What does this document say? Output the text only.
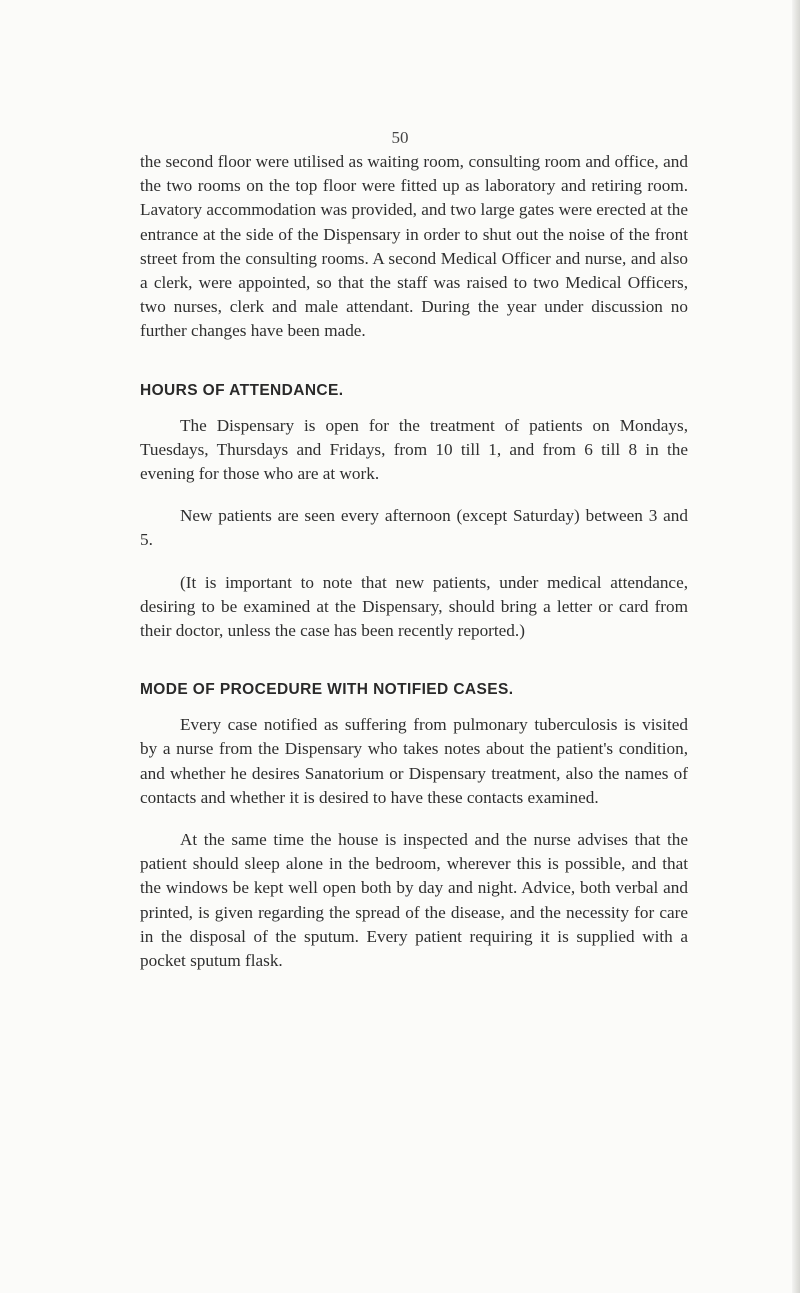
50

the second floor were utilised as waiting room, consulting room and office, and the two rooms on the top floor were fitted up as laboratory and retiring room. Lavatory accommodation was provided, and two large gates were erected at the entrance at the side of the Dispensary in order to shut out the noise of the front street from the consulting rooms. A second Medical Officer and nurse, and also a clerk, were appointed, so that the staff was raised to two Medical Officers, two nurses, clerk and male attendant. During the year under discussion no further changes have been made.

HOURS OF ATTENDANCE.

The Dispensary is open for the treatment of patients on Mondays, Tuesdays, Thursdays and Fridays, from 10 till 1, and from 6 till 8 in the evening for those who are at work.

New patients are seen every afternoon (except Saturday) between 3 and 5.

(It is important to note that new patients, under medical attendance, desiring to be examined at the Dispensary, should bring a letter or card from their doctor, unless the case has been recently reported.)

MODE OF PROCEDURE WITH NOTIFIED CASES.

Every case notified as suffering from pulmonary tuberculosis is visited by a nurse from the Dispensary who takes notes about the patient's condition, and whether he desires Sanatorium or Dispensary treatment, also the names of contacts and whether it is desired to have these contacts examined.

At the same time the house is inspected and the nurse advises that the patient should sleep alone in the bedroom, wherever this is possible, and that the windows be kept well open both by day and night. Advice, both verbal and printed, is given regarding the spread of the disease, and the necessity for care in the disposal of the sputum. Every patient requiring it is supplied with a pocket sputum flask.
